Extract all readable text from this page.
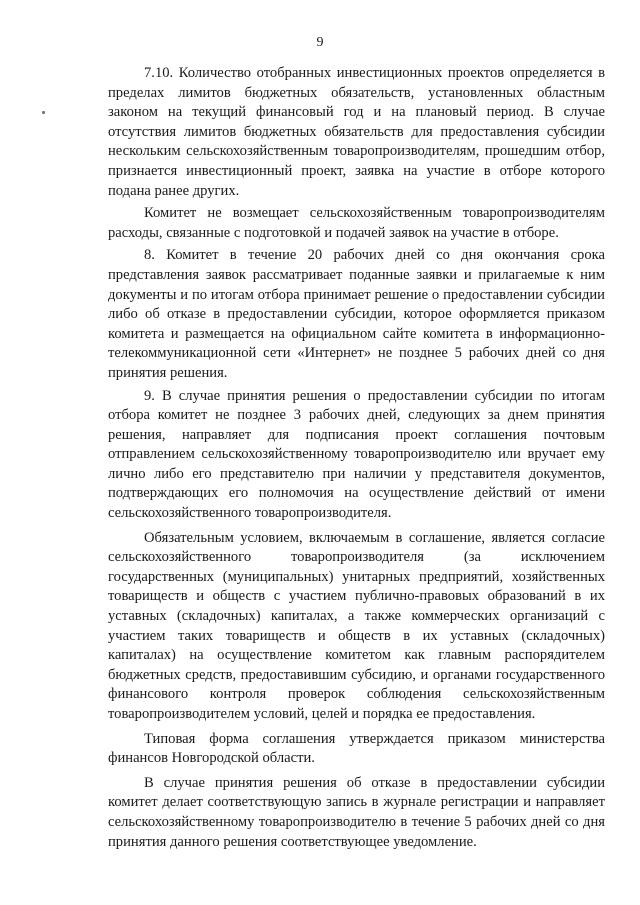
9

7.10. Количество отобранных инвестиционных проектов определяется в пределах лимитов бюджетных обязательств, установленных областным законом на текущий финансовый год и на плановый период. В случае отсутствия лимитов бюджетных обязательств для предоставления субсидии нескольким сельскохозяйственным товаропроизводителям, прошедшим отбор, признается инвестиционный проект, заявка на участие в отборе которого подана ранее других.

Комитет не возмещает сельскохозяйственным товаропроизводителям расходы, связанные с подготовкой и подачей заявок на участие в отборе.

8. Комитет в течение 20 рабочих дней со дня окончания срока представления заявок рассматривает поданные заявки и прилагаемые к ним документы и по итогам отбора принимает решение о предоставлении субсидии либо об отказе в предоставлении субсидии, которое оформляется приказом комитета и размещается на официальном сайте комитета в информационно-телекоммуникационной сети «Интернет» не позднее 5 рабочих дней со дня принятия решения.

9. В случае принятия решения о предоставлении субсидии по итогам отбора комитет не позднее 3 рабочих дней, следующих за днем принятия решения, направляет для подписания проект соглашения почтовым отправлением сельскохозяйственному товаропроизводителю или вручает ему лично либо его представителю при наличии у представителя документов, подтверждающих его полномочия на осуществление действий от имени сельскохозяйственного товаропроизводителя.

Обязательным условием, включаемым в соглашение, является согласие сельскохозяйственного товаропроизводителя (за исключением государственных (муниципальных) унитарных предприятий, хозяйственных товариществ и обществ с участием публично-правовых образований в их уставных (складочных) капиталах, а также коммерческих организаций с участием таких товариществ и обществ в их уставных (складочных) капиталах) на осуществление комитетом как главным распорядителем бюджетных средств, предоставившим субсидию, и органами государственного финансового контроля проверок соблюдения сельскохозяйственным товаропроизводителем условий, целей и порядка ее предоставления.

Типовая форма соглашения утверждается приказом министерства финансов Новгородской области.

В случае принятия решения об отказе в предоставлении субсидии комитет делает соответствующую запись в журнале регистрации и направляет сельскохозяйственному товаропроизводителю в течение 5 рабочих дней со дня принятия данного решения соответствующее уведомление.
